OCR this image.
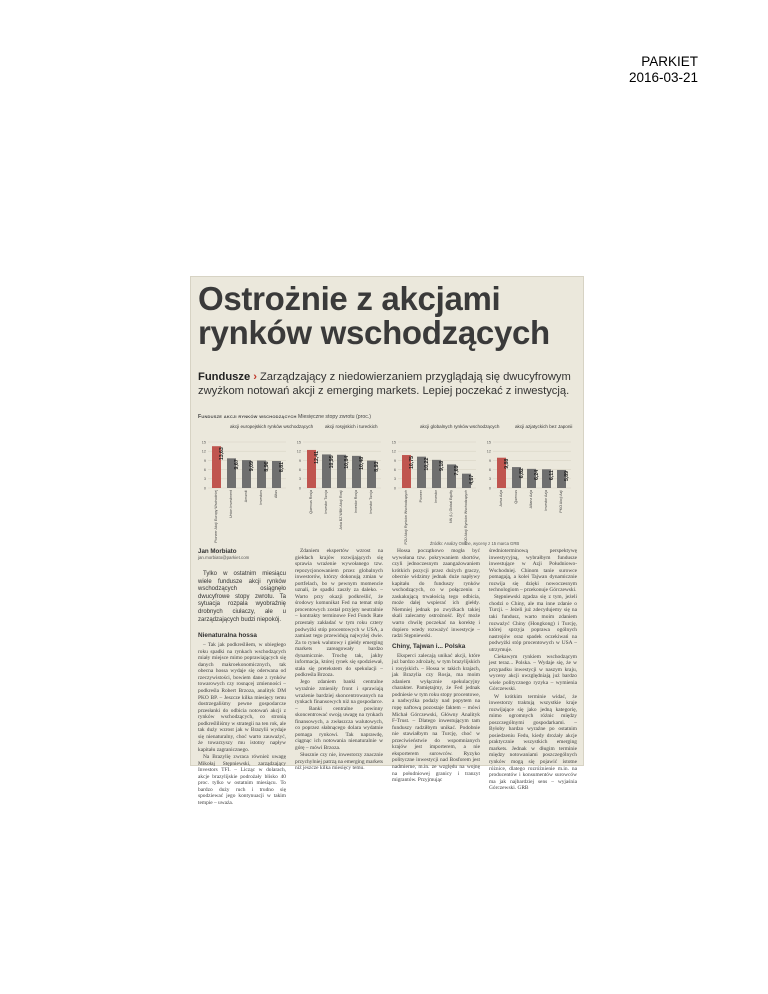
PARKIET
2016-03-21
Ostrożnie z akcjami
rynków wschodzących
Fundusze › Zarządzający z niedowierzaniem przyglądają się dwucyfrowym zwyżkom notowań akcji z emerging markets. Lepiej poczekać z inwestycją.
Fundusze akcji rynków wschodzących Miesięczne stopy zwrotu (proc.)
akcji europejskich rynków wschodzących
0
3
6
9
12
15
13,63
Pioneer Akcji Europy Wschodniej
9,67
Union Investment
9,09
Amundi
8,96
Investors
8,81
Altus
akcji rosyjskich i tureckich
0
3
6
9
12
15
12,41
Quercus Rosja
10,95
Investor Turcja
10,84
Arka BZ WBK Akcji Rosji
10,48
Investor Rosja
8,93
Investor Turcja
akcji globalnych rynków wschodzących
0
3
6
9
12
15
10,75
PZU Akcji Rynków Wschodzących
10,22
Pioneer
9,18
Investor
7,69
NN (L) Global Equity
4,67
PKO Akcji Rynków Wschodzących
akcji azjatyckich bez Japonii
0
3
6
9
12
15
9,88
Aviva Azja
6,82
Quercus
6,24
Allianz Azja
6,11
Investor Azja
5,89
PKO Akcji Azji
Źródło: Analizy Online, wyceny z 15 marca GRB
Jan Morbiato
jan.morbiato@parkiet.com
Tylko w ostatnim miesiącu wiele fundusze akcji rynków wschodzących osiągnęło dwucyfrowe stopy zwrotu. Ta sytuacja rozpala wyobraźnię drobnych ciułaczy, ale u zarządzających budzi niepokój.
Nienaturalna hossa

– Tak jak podkreśliłem, w ubiegłego roku spadki na rynkach wschodzących miały miejsce mimo poprawiających się danych makroekonomicznych, tak obecna hossa wydaje się oderwana od rzeczywistości, bowiem dane z rynków towarowych czy rosnącej zmienności – podkreśla Robert Brzoza, analityk DM PKO BP. – Jeszcze kilka miesięcy temu dostrzegaliśmy pewne gospodarcze przesłanki do odbicia notowań akcji z rynków wschodzących, co stronią podkreśliliśmy w strategii na ten rok, ale tak duży wzrost jak w Brazylii wydaje się nienaturalny, choć warto zauważyć, że towarzyszy mu istotny napływ kapitału zagranicznego.

Na Brazylię zwraca również uwagę Mikołaj Stępniewski, zarządzający Investors TFI. – Licząc w dolarach, akcje brazylijskie podrożały blisko 40 proc. tylko w ostatnim miesiącu. To bardzo duży ruch i trudno się spodziewać jego kontynuacji w takim tempie – uważa.

Zdaniem ekspertów wzrost na giełdach krajów rozwijających się sprawia wrażenie wywołanego tzw. repozycjonowaniem przez globalnych inwestorów, którzy dokonują zmian w portfelach, bo w pewnym momencie uznali, że spadki zaszły za daleko. – Warto przy okazji podkreślić, że środowy komunikat Fed na temat stóp procentowych został przyjęty neutralnie – kontrakty terminowe Fed Funds Rate przestały zakładać w tym roku cztery podwyżki stóp procentowych w USA, a zamiast tego przewidują najwyżej dwie. Za to rynek walutowy i giełdy emerging markets zareagowały bardzo dynamicznie. Trochę tak, jakby informacja, której rynek się spodziewał, stała się pretekstem do spekulacji – podkreśla Brzoza.

Jego zdaniem banki centralne wyraźnie zmieniły front i sprawiają wrażenie bardziej skoncentrowanych na rynkach finansowych niż na gospodarce. – Banki centralne powinny skoncentrować swoją uwagę na rynkach finansowych, a zwłaszcza walutowych, co poprzez słabnącego dolara wydatnie pomaga rynkowi. Tak naprawdę, ciągnąc ich notowania nienaturalnie w górę – mówi Brzoza.

Słusznie czy nie, inwestorzy znacznie przychylniej patrzą na emerging markets niż jeszcze kilka miesięcy temu.

Hossa początkowo mogła być wywołana tzw. pokrywaniem shortów, czyli jednoczesnym zaangażowaniem krótkich pozycji przez dużych graczy, obecnie widzimy jednak duże napływy kapitału do funduszy rynków wschodzących, co w połączeniu z zaskakującą trwałością tego odbicia, może dalej wspierać ich giełdy. Niemniej jednak po zwyżkach takiej skali zalecamy ostrożność. Być może warto chwilę poczekać na korektę i dopiero wtedy rozważyć inwestycje – radzi Stępniewski.

Chiny, Tajwan i... Polska

Eksperci zalecają unikać akcji, które już bardzo zdrożały, w tym brazylijskich i rosyjskich. – Hossa w takich krajach, jak Brazylia czy Rosja, ma moim zdaniem wyłącznie spekulacyjny charakter. Pamiętajmy, że Fed jednak podniesie w tym roku stopy procentowe, a nadwyżka podaży nad popytem na ropę naftową pozostaje faktem – mówi Michał Górczewski, Główny Analityk F-Trust. – Dlatego inwestującym tam funduszy radziłbym unikać. Podobnie nie stawiałbym na Turcję, choć w przeciwieństwie do wspomnianych krajów jest importerem, a nie eksporterem surowców. Ryzyko polityczne inwestycji nad Bosforem jest nadmierne, m.in. ze względu na wojnę na południowej granicy i tranzyt migrantów. Przyjmując

średnioterminową perspektywę inwestycyjną, wybrałbym fundusze inwestujące w Azji Południowo-Wschodniej. Chinom tanie surowce pomagają, a kolei Tajwan dynamicznie rozwija się dzięki nowoczesnym technologiom – przekonuje Górczewski.

Stępniewski zgadza się z tym, jeżeli chodzi o Chiny, ale ma inne zdanie o Turcji. – Jeżeli już zdecydujemy się na taki fundusz, warto moim zdaniem rozważyć Chiny (Hongkong) i Turcję, której sprzyja poprawa ogólnych nastrojów oraz spadek oczekiwań na podwyżki stóp procentowych w USA – utrzymuje.

Ciekawym rynkiem wschodzącym jest teraz... Polska. – Wydaje się, że w przypadku inwestycji w naszym kraju, wyceny akcji uwzględniają już bardzo wiele politycznego ryzyka – wymienia Górczewski.

W krótkim terminie widać, że inwestorzy traktują wszystkie kraje rozwijające się jako jedną kategorię, mimo ogromnych różnic między poszczególnymi gospodarkami. – Byłoby bardzo wyraźne po ostatnim posiedzeniu Fedu, kiedy drożały akcje praktycznie wszystkich emerging markets. Jednak w długim terminie między notowaniami poszczególnych rynków mogą się pojawić istotne różnice, dlatego rozróżnienie m.in. na producentów i konsumentów surowców ma jak najbardziej sens – wyjaśnia Górczewski. GRB
